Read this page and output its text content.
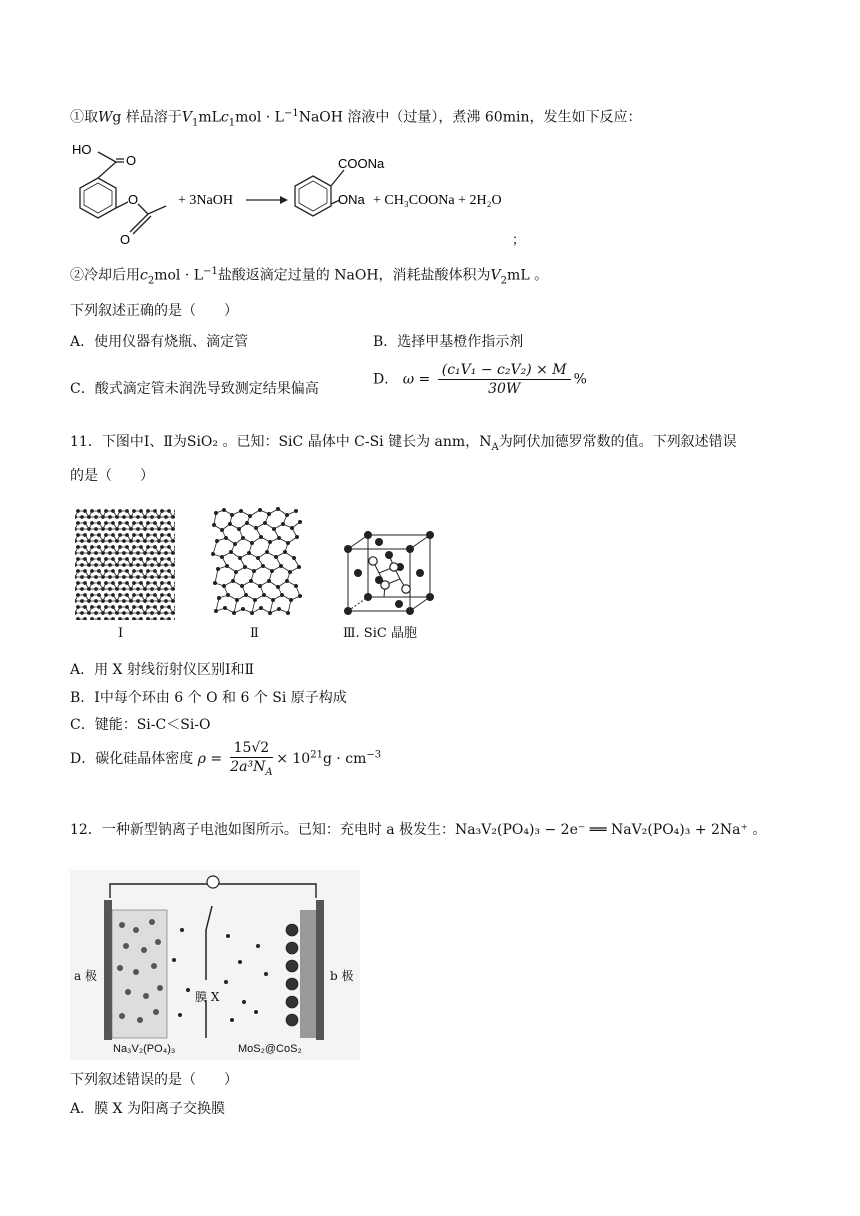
①取Wg 样品溶于$V_1mLc_1mol$ · $L^{-1}NaOH$ 溶液中（过量），煮沸 60min，发生如下反应：
HO
O
O
O
+ 3NaOH
COONa
ONa + CH₃COONa + 2H₂O
；
②冷却后用$c_2mol \cdot L^{-1}$盐酸返滴定过量的 NaOH，消耗盐酸体积为$V_2mL$ 。
下列叙述正确的是（　　）
A．使用仪器有烧瓶、滴定管	B．选择甲基橙作指示剂
C．酸式滴定管未润洗导致测定结果偏高
D． $\omega = \frac{\text{(c₁V₁ − c₂V₂) × M}}{30W}$ %
11．下图中Ⅰ、Ⅱ为SiO₂ 。已知：SiC 晶体中 C-Si 键长为 anm，$N_A$为阿伏加德罗常数的值。下列叙述错误
的是（　　）
Ⅰ	Ⅱ	Ⅲ. SiC 晶胞
A．用 X 射线衍射仪区别Ⅰ和Ⅱ
B．Ⅰ中每个环由 6 个 O 和 6 个 Si 原子构成
C．键能：Si-C＜Si-O
D．碳化硅晶体密度 $\rho = \frac{15√2}{2a^3N_A} \times 10^{21}g \cdot cm^{-3}$
12．一种新型钠离子电池如图所示。已知：充电时 a 极发生：Na₃V₂(PO₄)₃ − 2e⁻ ══ NaV₂(PO₄)₃ + 2Na⁺ 。
a 极	b 极
膜 X
Na₃V₂(PO₄)₃	MoS₂@CoS₂
下列叙述错误的是（　　）
A．膜 X 为阳离子交换膜
